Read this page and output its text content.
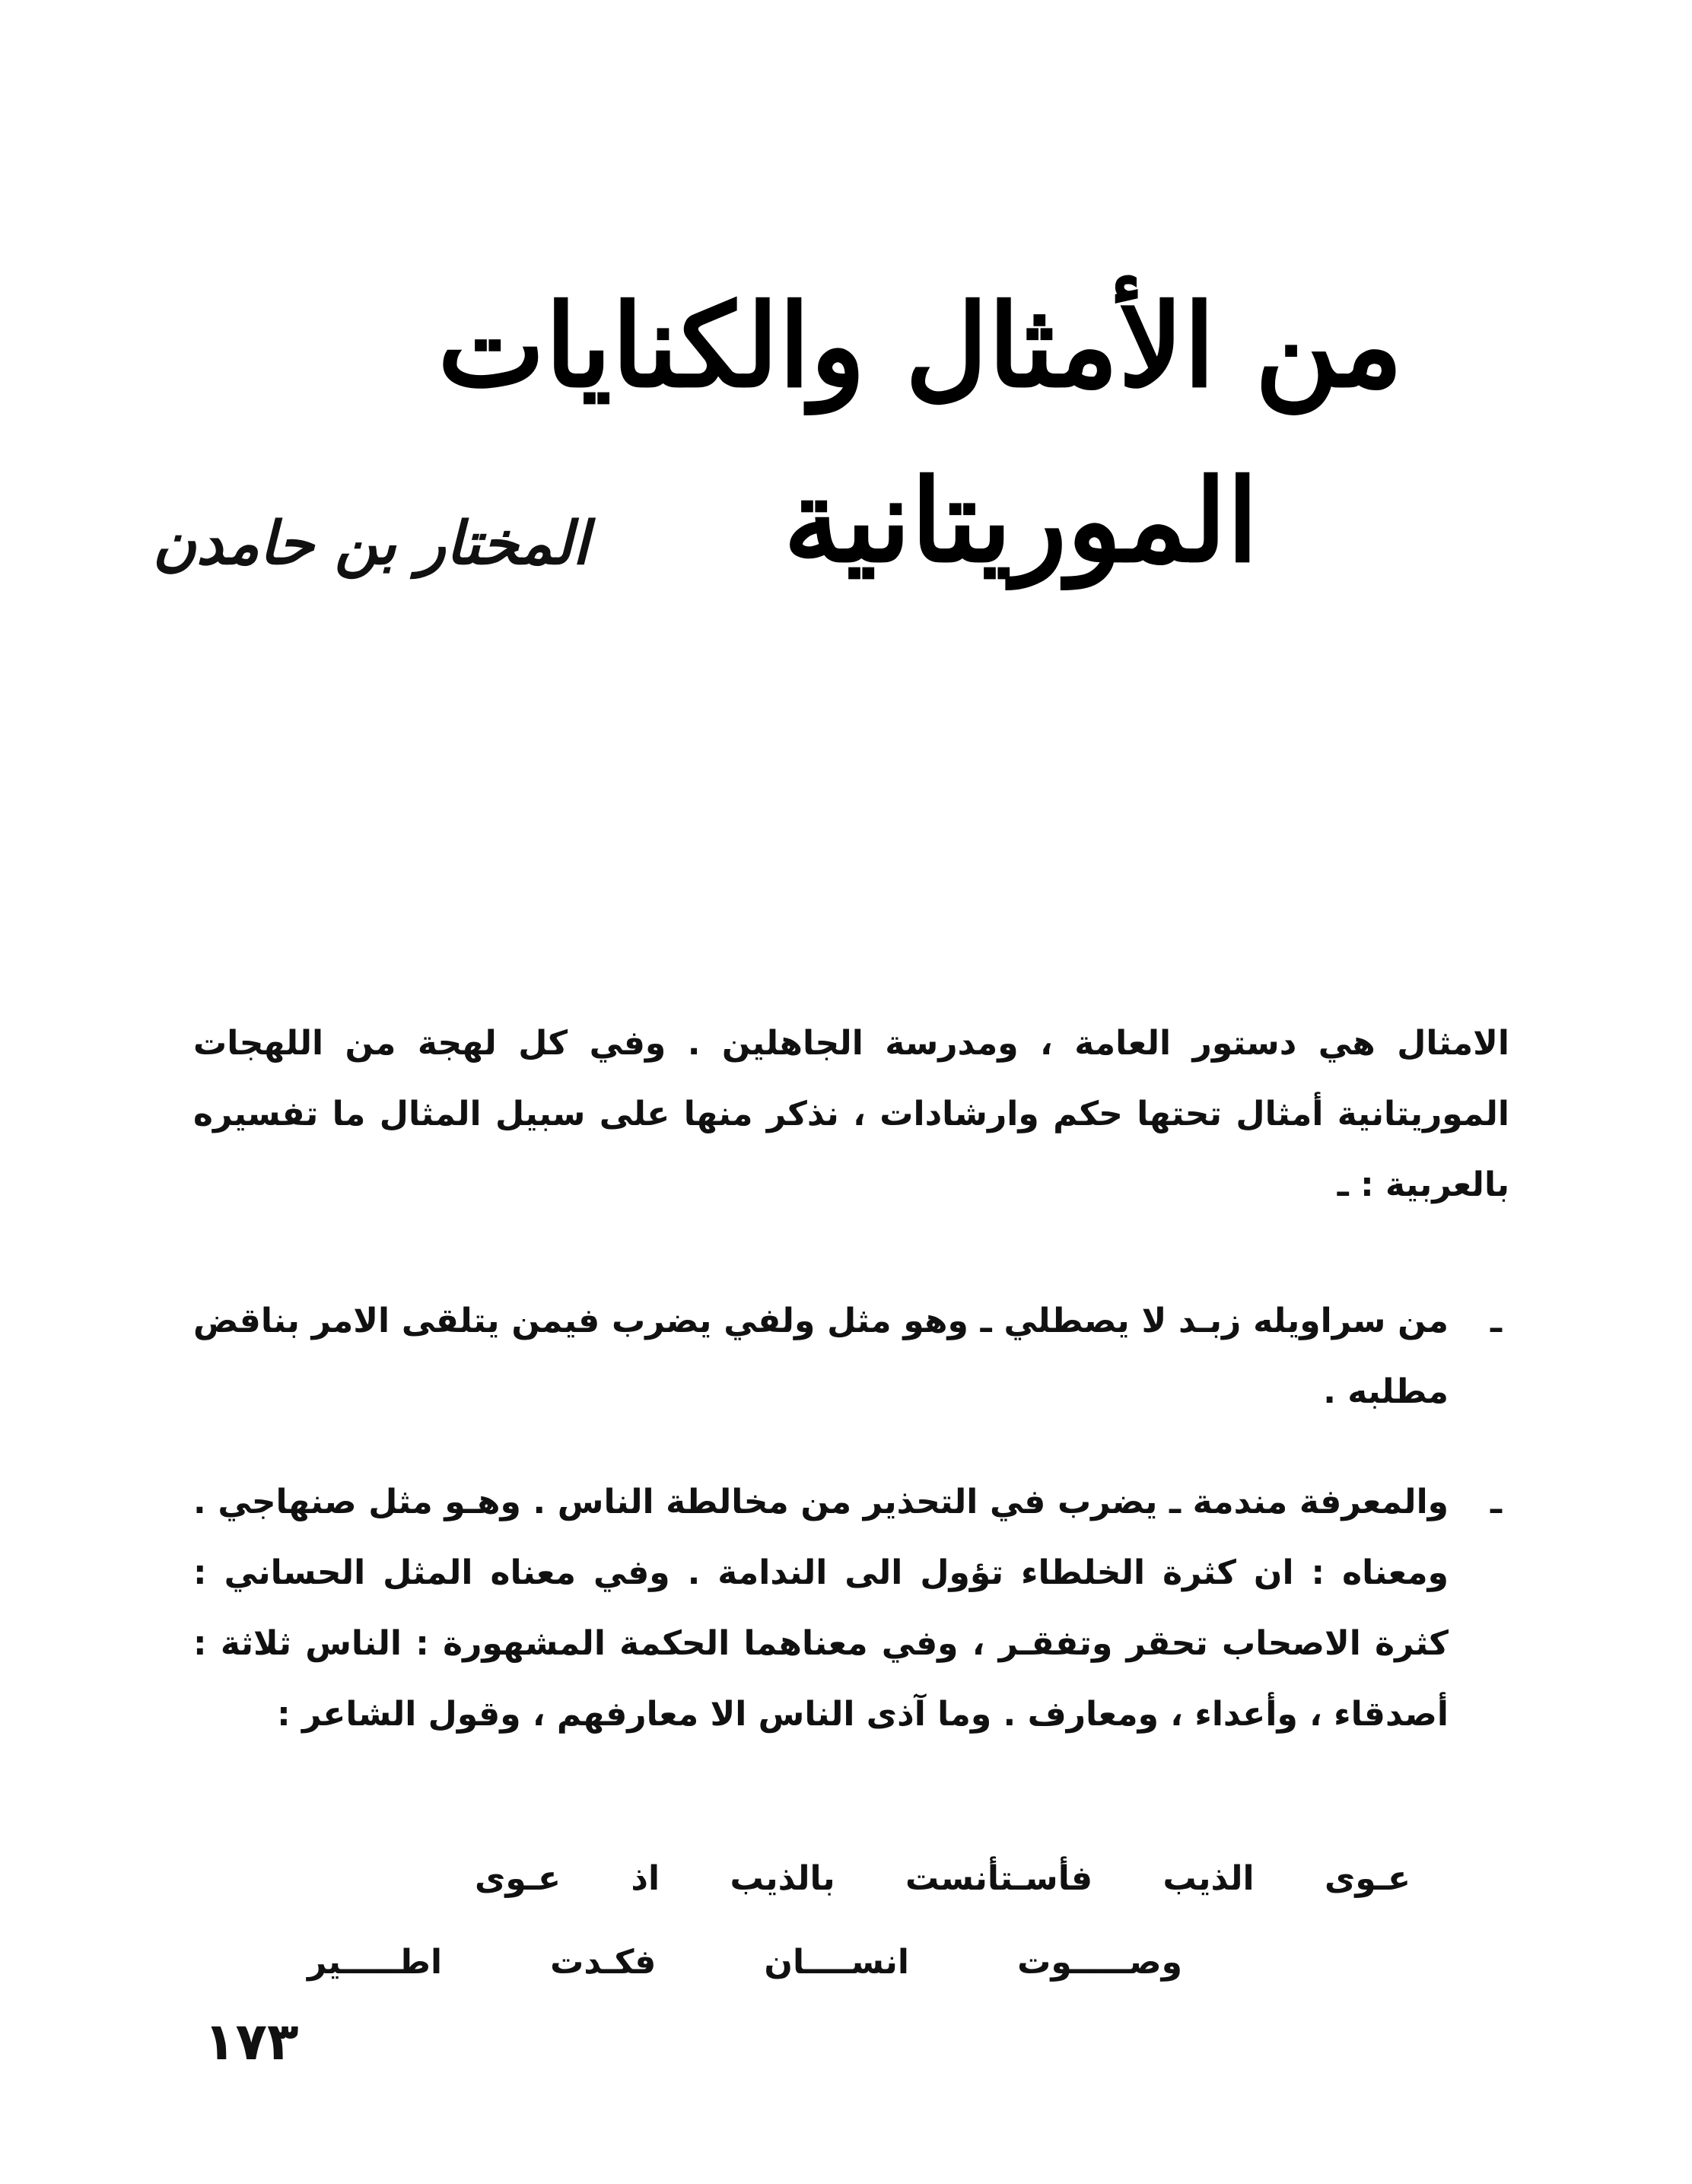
من الأمثال والكنايات
الموريتانية
المختار بن حامدن
الامثال هي دستور العامة ، ومدرسة الجاهلين . وفي كل لهجة من اللهجات الموريتانية أمثال تحتها حكم وارشادات ، نذكر منها على سبيل المثال ما تفسيره بالعربية : ـ
ـ
من سراويله زبـد لا يصطلي ـ وهو مثل ولفي يضرب فيمن يتلقى الامر بناقض مطلبه .
ـ
والمعرفة مندمة ـ يضرب في التحذير من مخالطة الناس . وهـو مثل صنهاجي . ومعناه : ان كثرة الخلطاء تؤول الى الندامة . وفي معناه المثل الحساني : كثرة الاصحاب تحقر وتفقـر ، وفي معناهما الحكمة المشهورة : الناس ثلاثة : أصدقاء ، وأعداء ، ومعارف . وما آذى الناس الا معارفهم ، وقول الشاعر :
عـوى الذيب فأسـتأنست بالذيب اذ عـوى
وصـــــوت انســــان فكـدت اطـــــير
١٧٣
